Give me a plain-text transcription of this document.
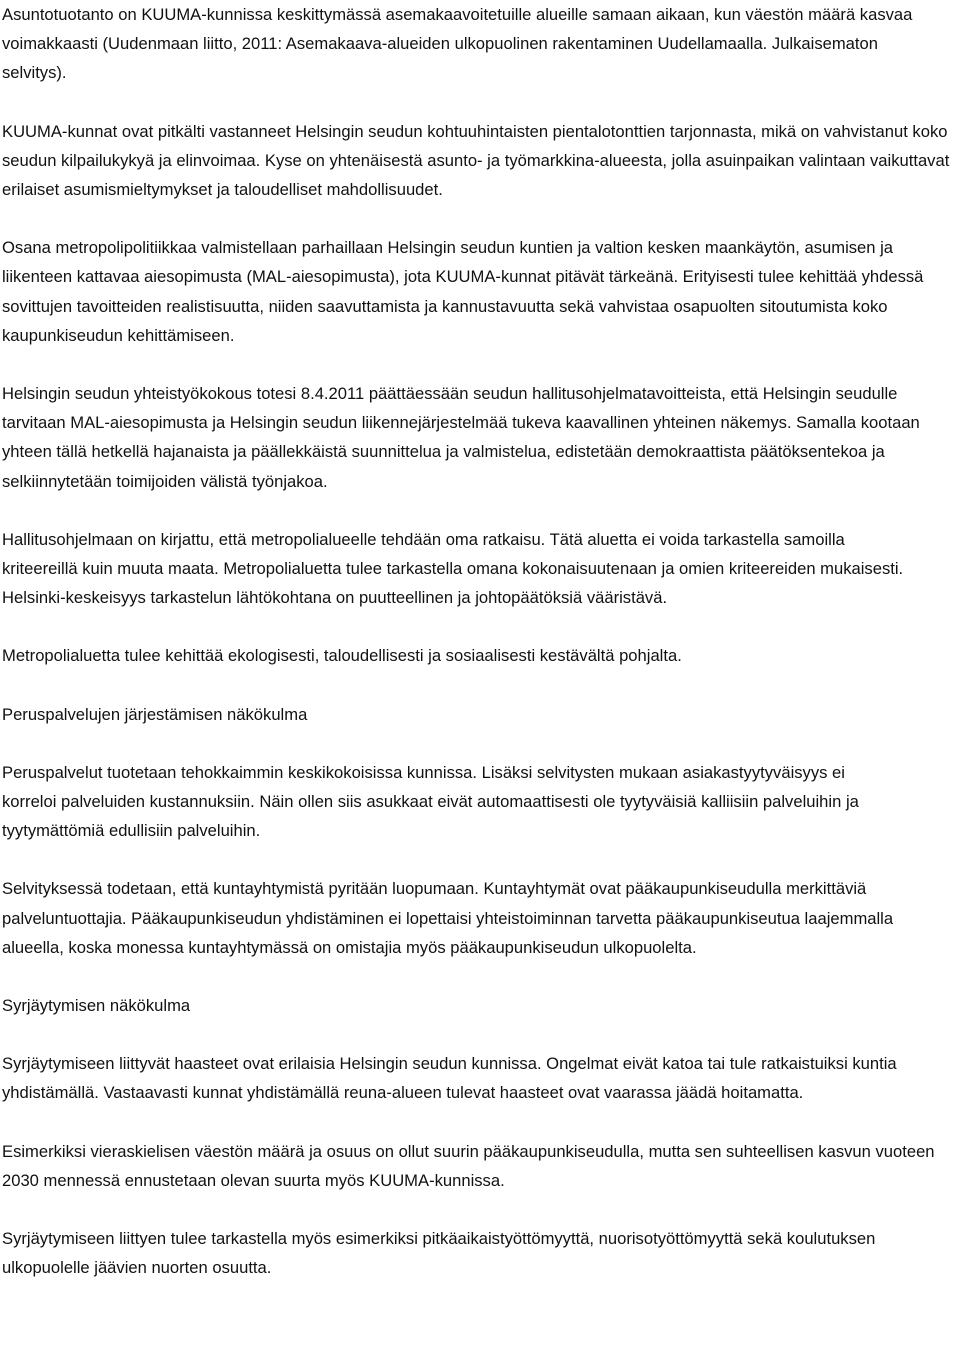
Asuntotuotanto on KUUMA-kunnissa keskittymässä asemakaavoitetuille alueille samaan aikaan, kun väestön määrä kasvaa voimakkaasti (Uudenmaan liitto, 2011: Asemakaava-alueiden ulkopuolinen rakentaminen Uudellamaalla. Julkaisematon selvitys).
KUUMA-kunnat ovat pitkälti vastanneet Helsingin seudun kohtuuhintaisten pientalotonttien tarjonnasta, mikä on vahvistanut koko seudun kilpailukykyä ja elinvoimaa. Kyse on yhtenäisestä asunto- ja työmarkkina-alueesta, jolla asuinpaikan valintaan vaikuttavat erilaiset asumismieltymykset ja taloudelliset mahdollisuudet.
Osana metropolipolitiikkaa valmistellaan parhaillaan Helsingin seudun kuntien ja valtion kesken maankäytön, asumisen ja liikenteen kattavaa aiesopimusta (MAL-aiesopimusta), jota KUUMA-kunnat pitävät tärkeänä. Erityisesti tulee kehittää yhdessä sovittujen tavoitteiden realistisuutta, niiden saavuttamista ja kannustavuutta sekä vahvistaa osapuolten sitoutumista koko kaupunkiseudun kehittämiseen.
Helsingin seudun yhteistyökokous totesi 8.4.2011 päättäessään seudun hallitusohjelmatavoitteista, että Helsingin seudulle tarvitaan MAL-aiesopimusta ja Helsingin seudun liikennejärjestelmää tukeva kaavallinen yhteinen näkemys. Samalla kootaan yhteen tällä hetkellä hajanaista ja päällekkäistä suunnittelua ja valmistelua, edistetään demokraattista päätöksentekoa ja selkiinnytetään toimijoiden välistä työnjakoa.
Hallitusohjelmaan on kirjattu, että metropolialueelle tehdään oma ratkaisu. Tätä aluetta ei voida tarkastella samoilla kriteereillä kuin muuta maata. Metropolialuetta tulee tarkastella omana kokonaisuutenaan ja omien kriteereiden mukaisesti. Helsinki-keskeisyys tarkastelun lähtökohtana on puutteellinen ja johtopäätöksiä vääristävä.
Metropolialuetta tulee kehittää ekologisesti, taloudellisesti ja sosiaalisesti kestävältä pohjalta.
Peruspalvelujen järjestämisen näkökulma
Peruspalvelut tuotetaan tehokkaimmin keskikokoisissa kunnissa. Lisäksi selvitysten mukaan asiakastyytyväisyys ei korreloi palveluiden kustannuksiin. Näin ollen siis asukkaat eivät automaattisesti ole tyytyväisiä kalliisiin palveluihin ja tyytymättömiä edullisiin palveluihin.
Selvityksessä todetaan, että kuntayhtymistä pyritään luopumaan. Kuntayhtymät ovat pääkaupunkiseudulla merkittäviä palveluntuottajia. Pääkaupunkiseudun yhdistäminen ei lopettaisi yhteistoiminnan tarvetta pääkaupunkiseutua laajemmalla alueella, koska monessa kuntayhtymässä on omistajia myös pääkaupunkiseudun ulkopuolelta.
Syrjäytymisen näkökulma
Syrjäytymiseen liittyvät haasteet ovat erilaisia Helsingin seudun kunnissa. Ongelmat eivät katoa tai tule ratkaistuiksi kuntia yhdistämällä. Vastaavasti kunnat yhdistämällä reuna-alueen tulevat haasteet ovat vaarassa jäädä hoitamatta.
Esimerkiksi vieraskielisen väestön määrä ja osuus on ollut suurin pääkaupunkiseudulla, mutta sen suhteellisen kasvun vuoteen 2030 mennessä ennustetaan olevan suurta myös KUUMA-kunnissa.
Syrjäytymiseen liittyen tulee tarkastella myös esimerkiksi pitkäaikaistyöttömyyttä, nuorisotyöttömyyttä sekä koulutuksen ulkopuolelle jäävien nuorten osuutta.
